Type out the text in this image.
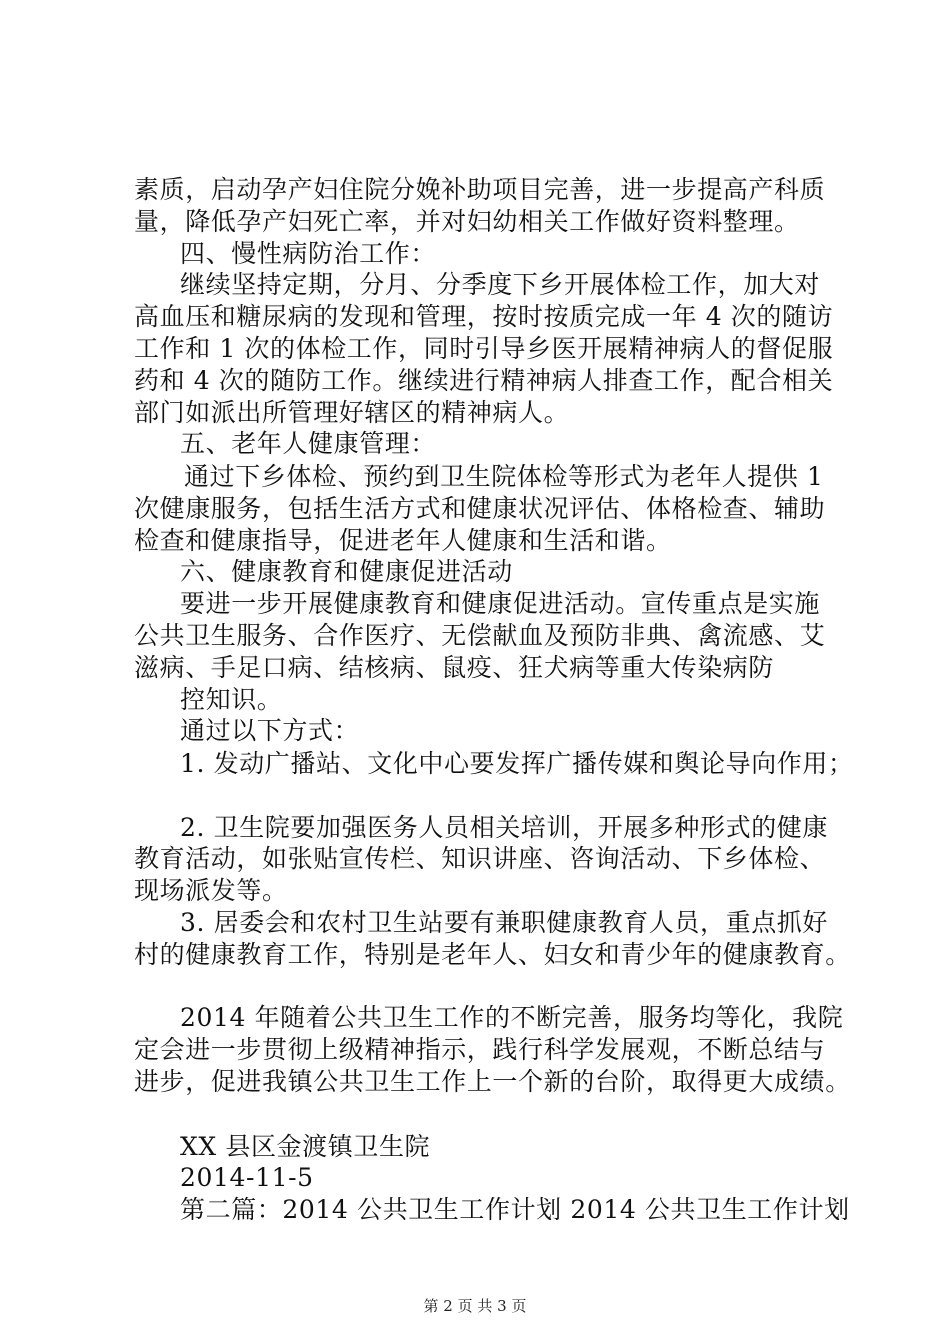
素质，启动孕产妇住院分娩补助项目完善，进一步提高产科质

量，降低孕产妇死亡率，并对妇幼相关工作做好资料整理。

四、慢性病防治工作：

继续坚持定期，分月、分季度下乡开展体检工作，加大对

高血压和糖尿病的发现和管理，按时按质完成一年 4 次的随访

工作和 1 次的体检工作，同时引导乡医开展精神病人的督促服

药和 4 次的随防工作。继续进行精神病人排查工作，配合相关

部门如派出所管理好辖区的精神病人。

五、老年人健康管理：

通过下乡体检、预约到卫生院体检等形式为老年人提供 1

次健康服务，包括生活方式和健康状况评估、体格检查、辅助

检查和健康指导，促进老年人健康和生活和谐。

六、健康教育和健康促进活动

要进一步开展健康教育和健康促进活动。宣传重点是实施

公共卫生服务、合作医疗、无偿献血及预防非典、禽流感、艾

滋病、手足口病、结核病、鼠疫、狂犬病等重大传染病防

控知识。

通过以下方式：

1. 发动广播站、文化中心要发挥广播传媒和舆论导向作用；

2. 卫生院要加强医务人员相关培训，开展多种形式的健康

教育活动，如张贴宣传栏、知识讲座、咨询活动、下乡体检、

现场派发等。

3. 居委会和农村卫生站要有兼职健康教育人员，重点抓好

村的健康教育工作，特别是老年人、妇女和青少年的健康教育。

2014 年随着公共卫生工作的不断完善，服务均等化，我院

定会进一步贯彻上级精神指示，践行科学发展观，不断总结与

进步，促进我镇公共卫生工作上一个新的台阶，取得更大成绩。

XX 县区金渡镇卫生院

2014-11-5

第二篇：2014 公共卫生工作计划 2014 公共卫生工作计划

第 2 页 共 3 页
